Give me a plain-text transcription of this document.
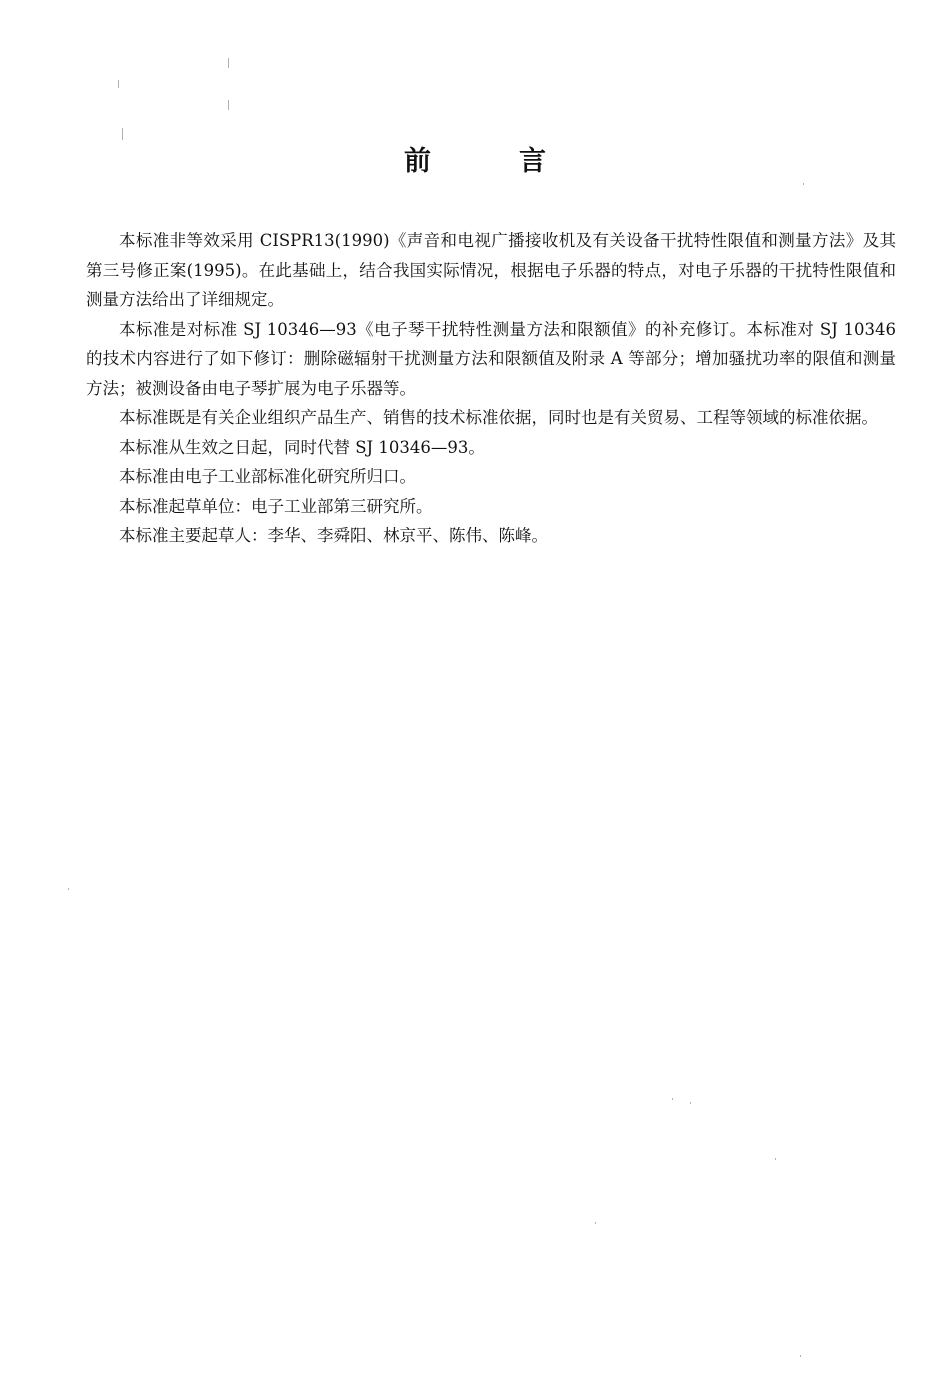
前	言

本标准非等效采用 CISPR13(1990)《声音和电视广播接收机及有关设备干扰特性限值和测量方法》及其第三号修正案(1995)。在此基础上，结合我国实际情况，根据电子乐器的特点，对电子乐器的干扰特性限值和测量方法给出了详细规定。

本标准是对标准 SJ 10346—93《电子琴干扰特性测量方法和限额值》的补充修订。本标准对 SJ 10346 的技术内容进行了如下修订：删除磁辐射干扰测量方法和限额值及附录 A 等部分；增加骚扰功率的限值和测量方法；被测设备由电子琴扩展为电子乐器等。

本标准既是有关企业组织产品生产、销售的技术标准依据，同时也是有关贸易、工程等领域的标准依据。

本标准从生效之日起，同时代替 SJ 10346—93。

本标准由电子工业部标准化研究所归口。

本标准起草单位：电子工业部第三研究所。

本标准主要起草人：李华、李舜阳、林京平、陈伟、陈峰。
